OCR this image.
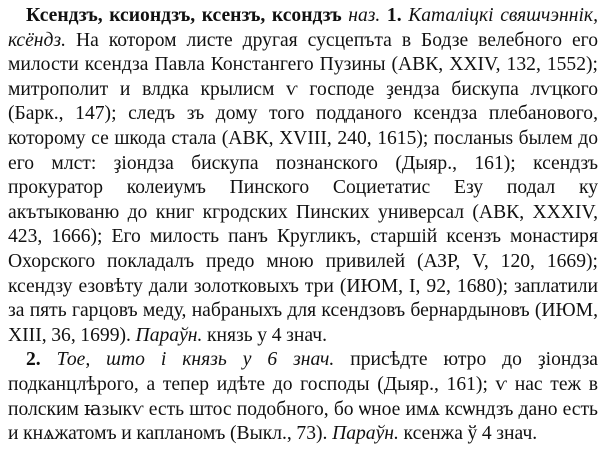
Ксендзъ, ксиондзъ, ксензъ, ксондзъ наз. 1. Каталіцкі свяшчэннік, ксёндз. На котором листе другая сусцепъта в Бодзе велебного его милости ксендза Павла Констангего Пузины (АВК, XXIV, 132, 1552); митрополит и влдка крылисм ѵ господе ҙендза бискупа лѵцкого (Барк., 147); следъ зъ дому того подданого ксендза плебанового, которому се шкода стала (АВК, XVIII, 240, 1615); посланыs былем до его млст: ҙіондза бискупа познанского (Дыяр., 161); ксендзъ прокуратор колеиумъ Пинского Социетатис Езу подал ку акътыкованю до книг кгродских Пинских универсал (АВК, XXXIV, 423, 1666); Его милость панъ Кругликъ, старшій ксензъ монастиря Охорского покладалъ предо мною привилей (АЗР, V, 120, 1669); ксендзу езовѣту дали золотковыхъ три (ИЮМ, I, 92, 1680); заплатили за пять гарцовъ меду, набраныхъ для ксендзовъ бернардыновъ (ИЮМ, XIII, 36, 1699). Параўн. князь у 4 знач.

2. Тое, што і князь у 6 знач. присѣдте ютро до ҙіондза подканцлѣрого, а тепер идѣте до господы (Дыяр., 161); ѵ нас теж в полским ꙗзыкѵ есть штос подобного, бо ѡное имѧ ксѡндзъ дано есть и кнѧжатомъ и капланомъ (Выкл., 73). Параўн. ксенжа ў 4 знач.
